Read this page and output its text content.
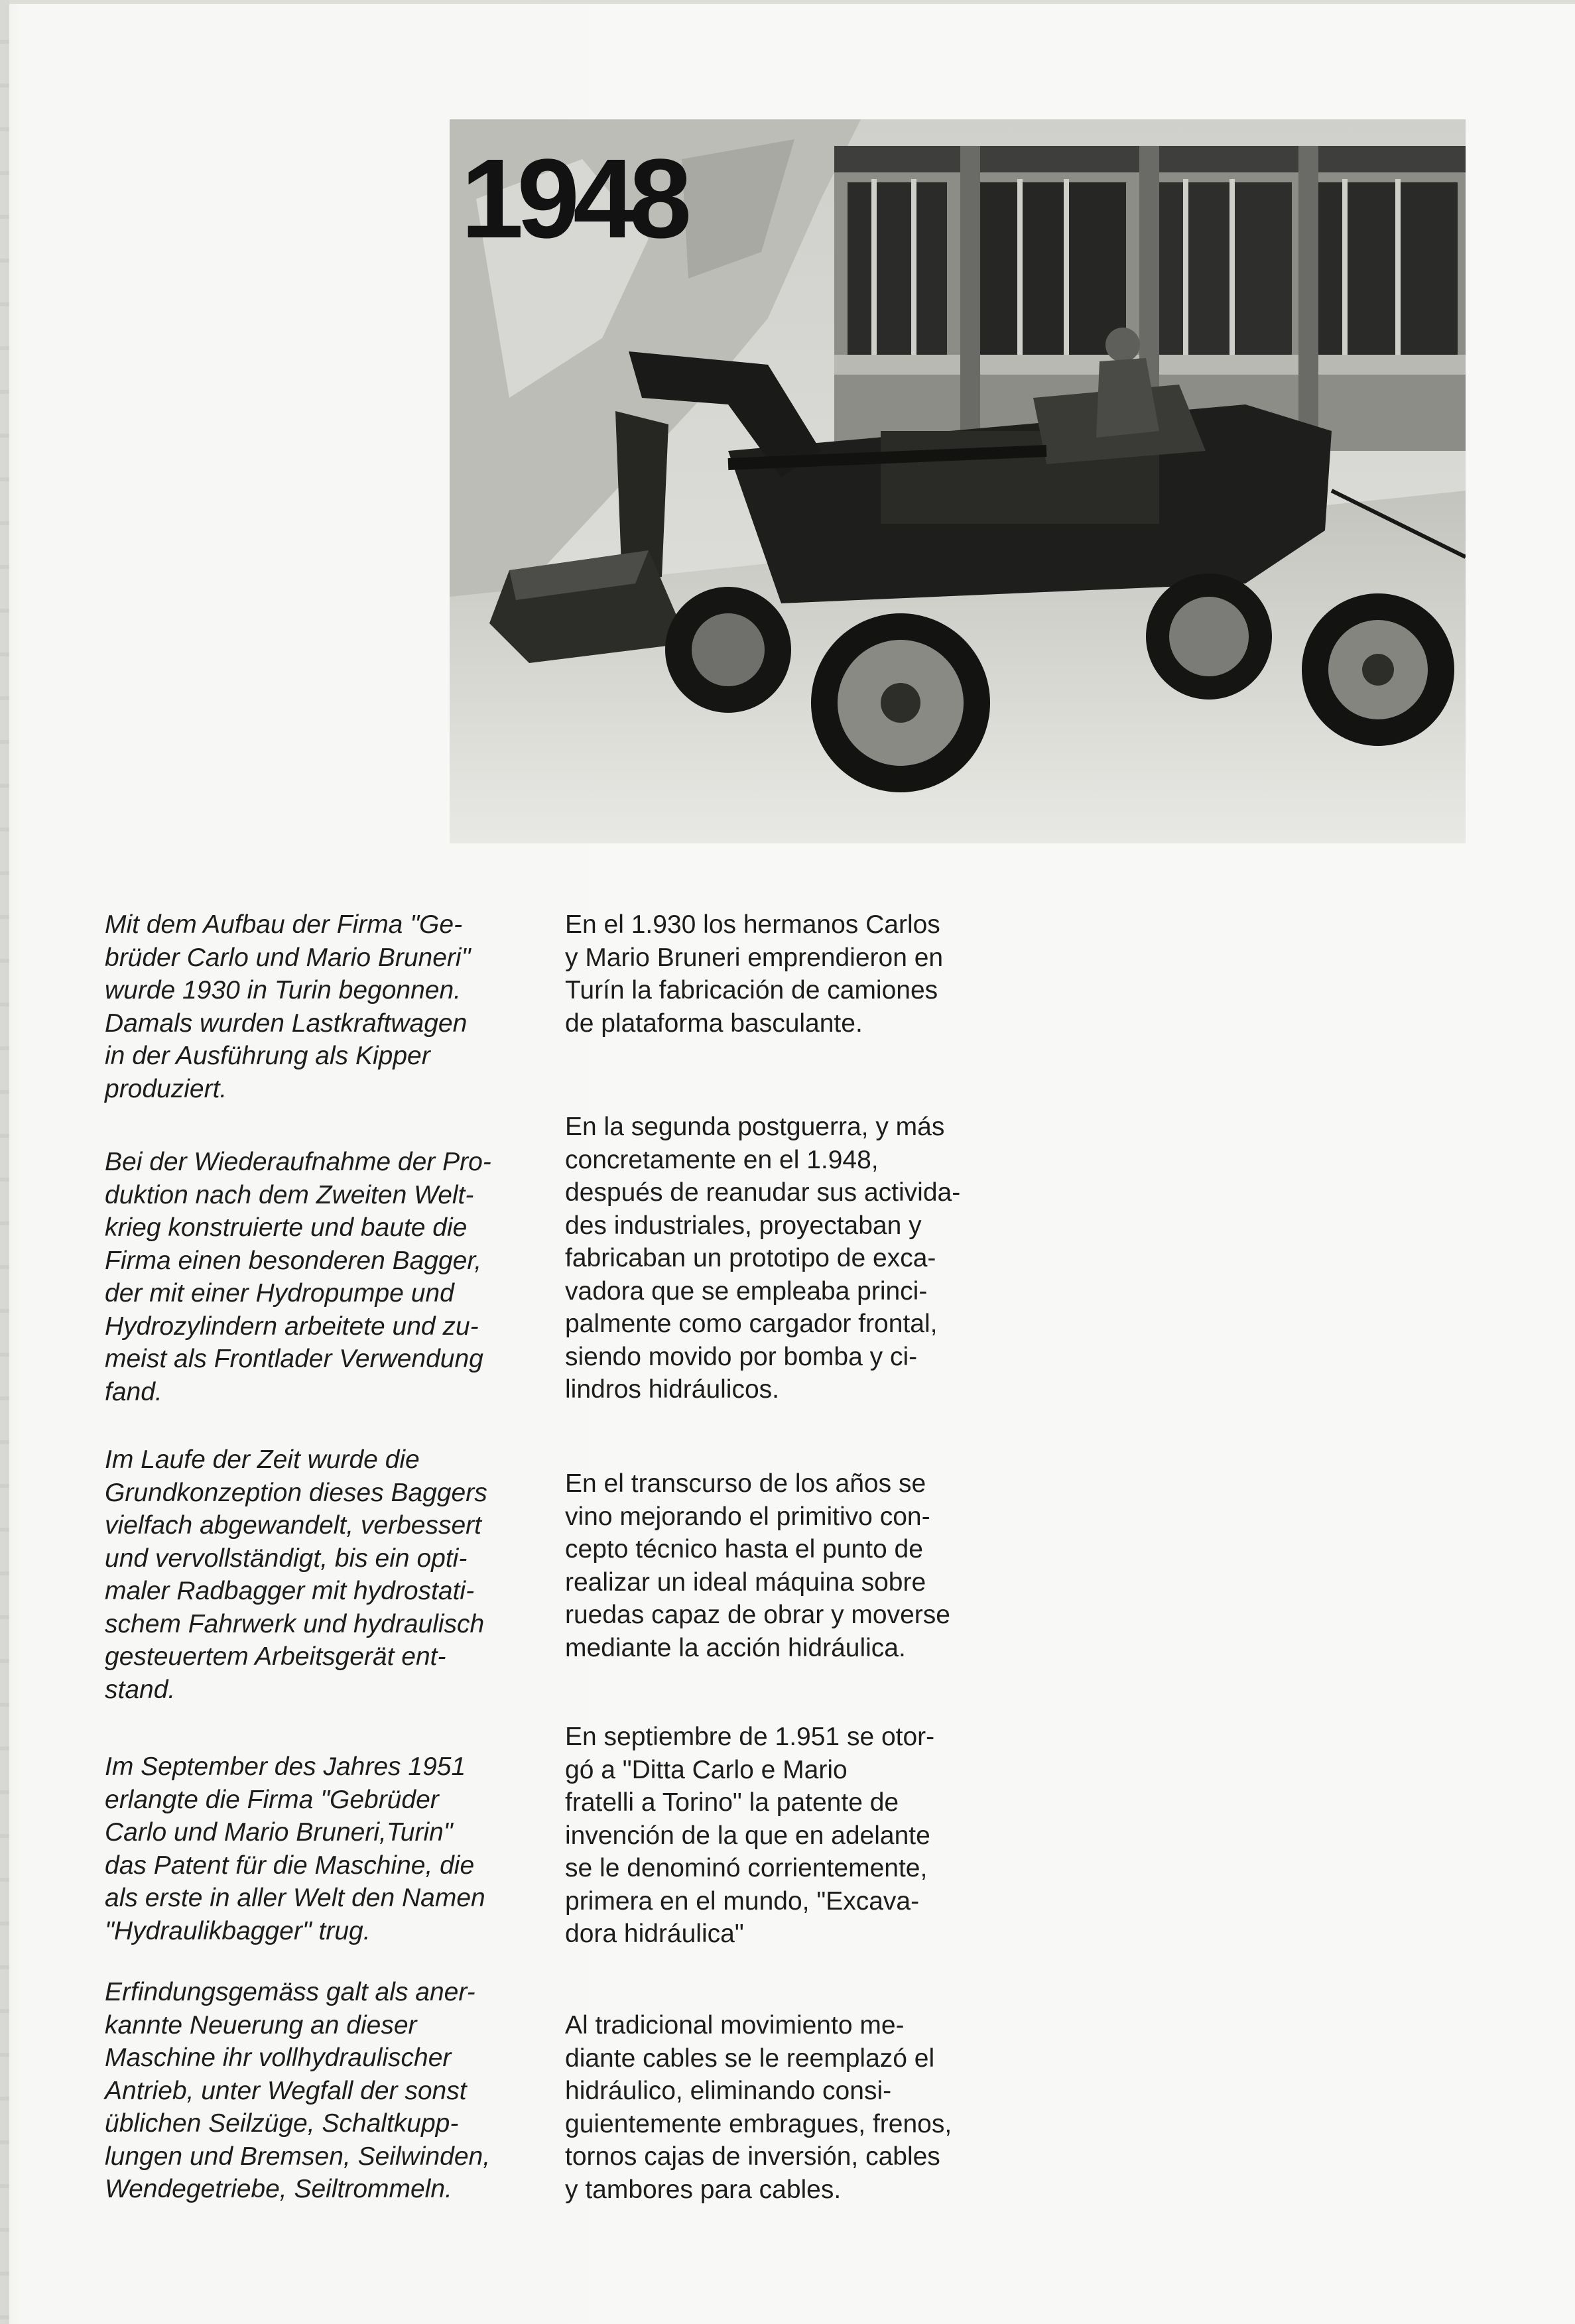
1948

Mit dem Aufbau der Firma "Ge-
brüder Carlo und Mario Bruneri"
wurde 1930 in Turin begonnen.
Damals wurden Lastkraftwagen
in der Ausführung als Kipper
produziert.

Bei der Wiederaufnahme der Pro-
duktion nach dem Zweiten Welt-
krieg konstruierte und baute die
Firma einen besonderen Bagger,
der mit einer Hydropumpe und
Hydrozylindern arbeitete und zu-
meist als Frontlader Verwendung
fand.

Im Laufe der Zeit wurde die
Grundkonzeption dieses Baggers
vielfach abgewandelt, verbessert
und vervollständigt, bis ein opti-
maler Radbagger mit hydrostati-
schem Fahrwerk und hydraulisch
gesteuertem Arbeitsgerät ent-
stand.

Im September des Jahres 1951
erlangte die Firma "Gebrüder
Carlo und Mario Bruneri,Turin"
das Patent für die Maschine, die
als erste in aller Welt den Namen
"Hydraulikbagger" trug.

Erfindungsgemäss galt als aner-
kannte Neuerung an dieser
Maschine ihr vollhydraulischer
Antrieb, unter Wegfall der sonst
üblichen Seilzüge, Schaltkupp-
lungen und Bremsen, Seilwinden,
Wendegetriebe, Seiltrommeln.

En el 1.930 los hermanos Carlos
y Mario Bruneri emprendieron en
Turín la fabricación de camiones
de plataforma basculante.

En la segunda postguerra, y más
concretamente en el 1.948,
después de reanudar sus activida-
des industriales, proyectaban y
fabricaban un prototipo de exca-
vadora que se empleaba princi-
palmente como cargador frontal,
siendo movido por bomba y ci-
lindros hidráulicos.

En el transcurso de los años se
vino mejorando el primitivo con-
cepto técnico hasta el punto de
realizar un ideal máquina sobre
ruedas capaz de obrar y moverse
mediante la acción hidráulica.

En septiembre de 1.951 se otor-
gó a "Ditta Carlo e Mario
fratelli a Torino" la patente de
invención de la que en adelante
se le denominó corrientemente,
primera en el mundo, "Excava-
dora hidráulica"

Al tradicional movimiento me-
diante cables se le reemplazó el
hidráulico, eliminando consi-
guientemente embragues, frenos,
tornos cajas de inversión, cables
y tambores para cables.
